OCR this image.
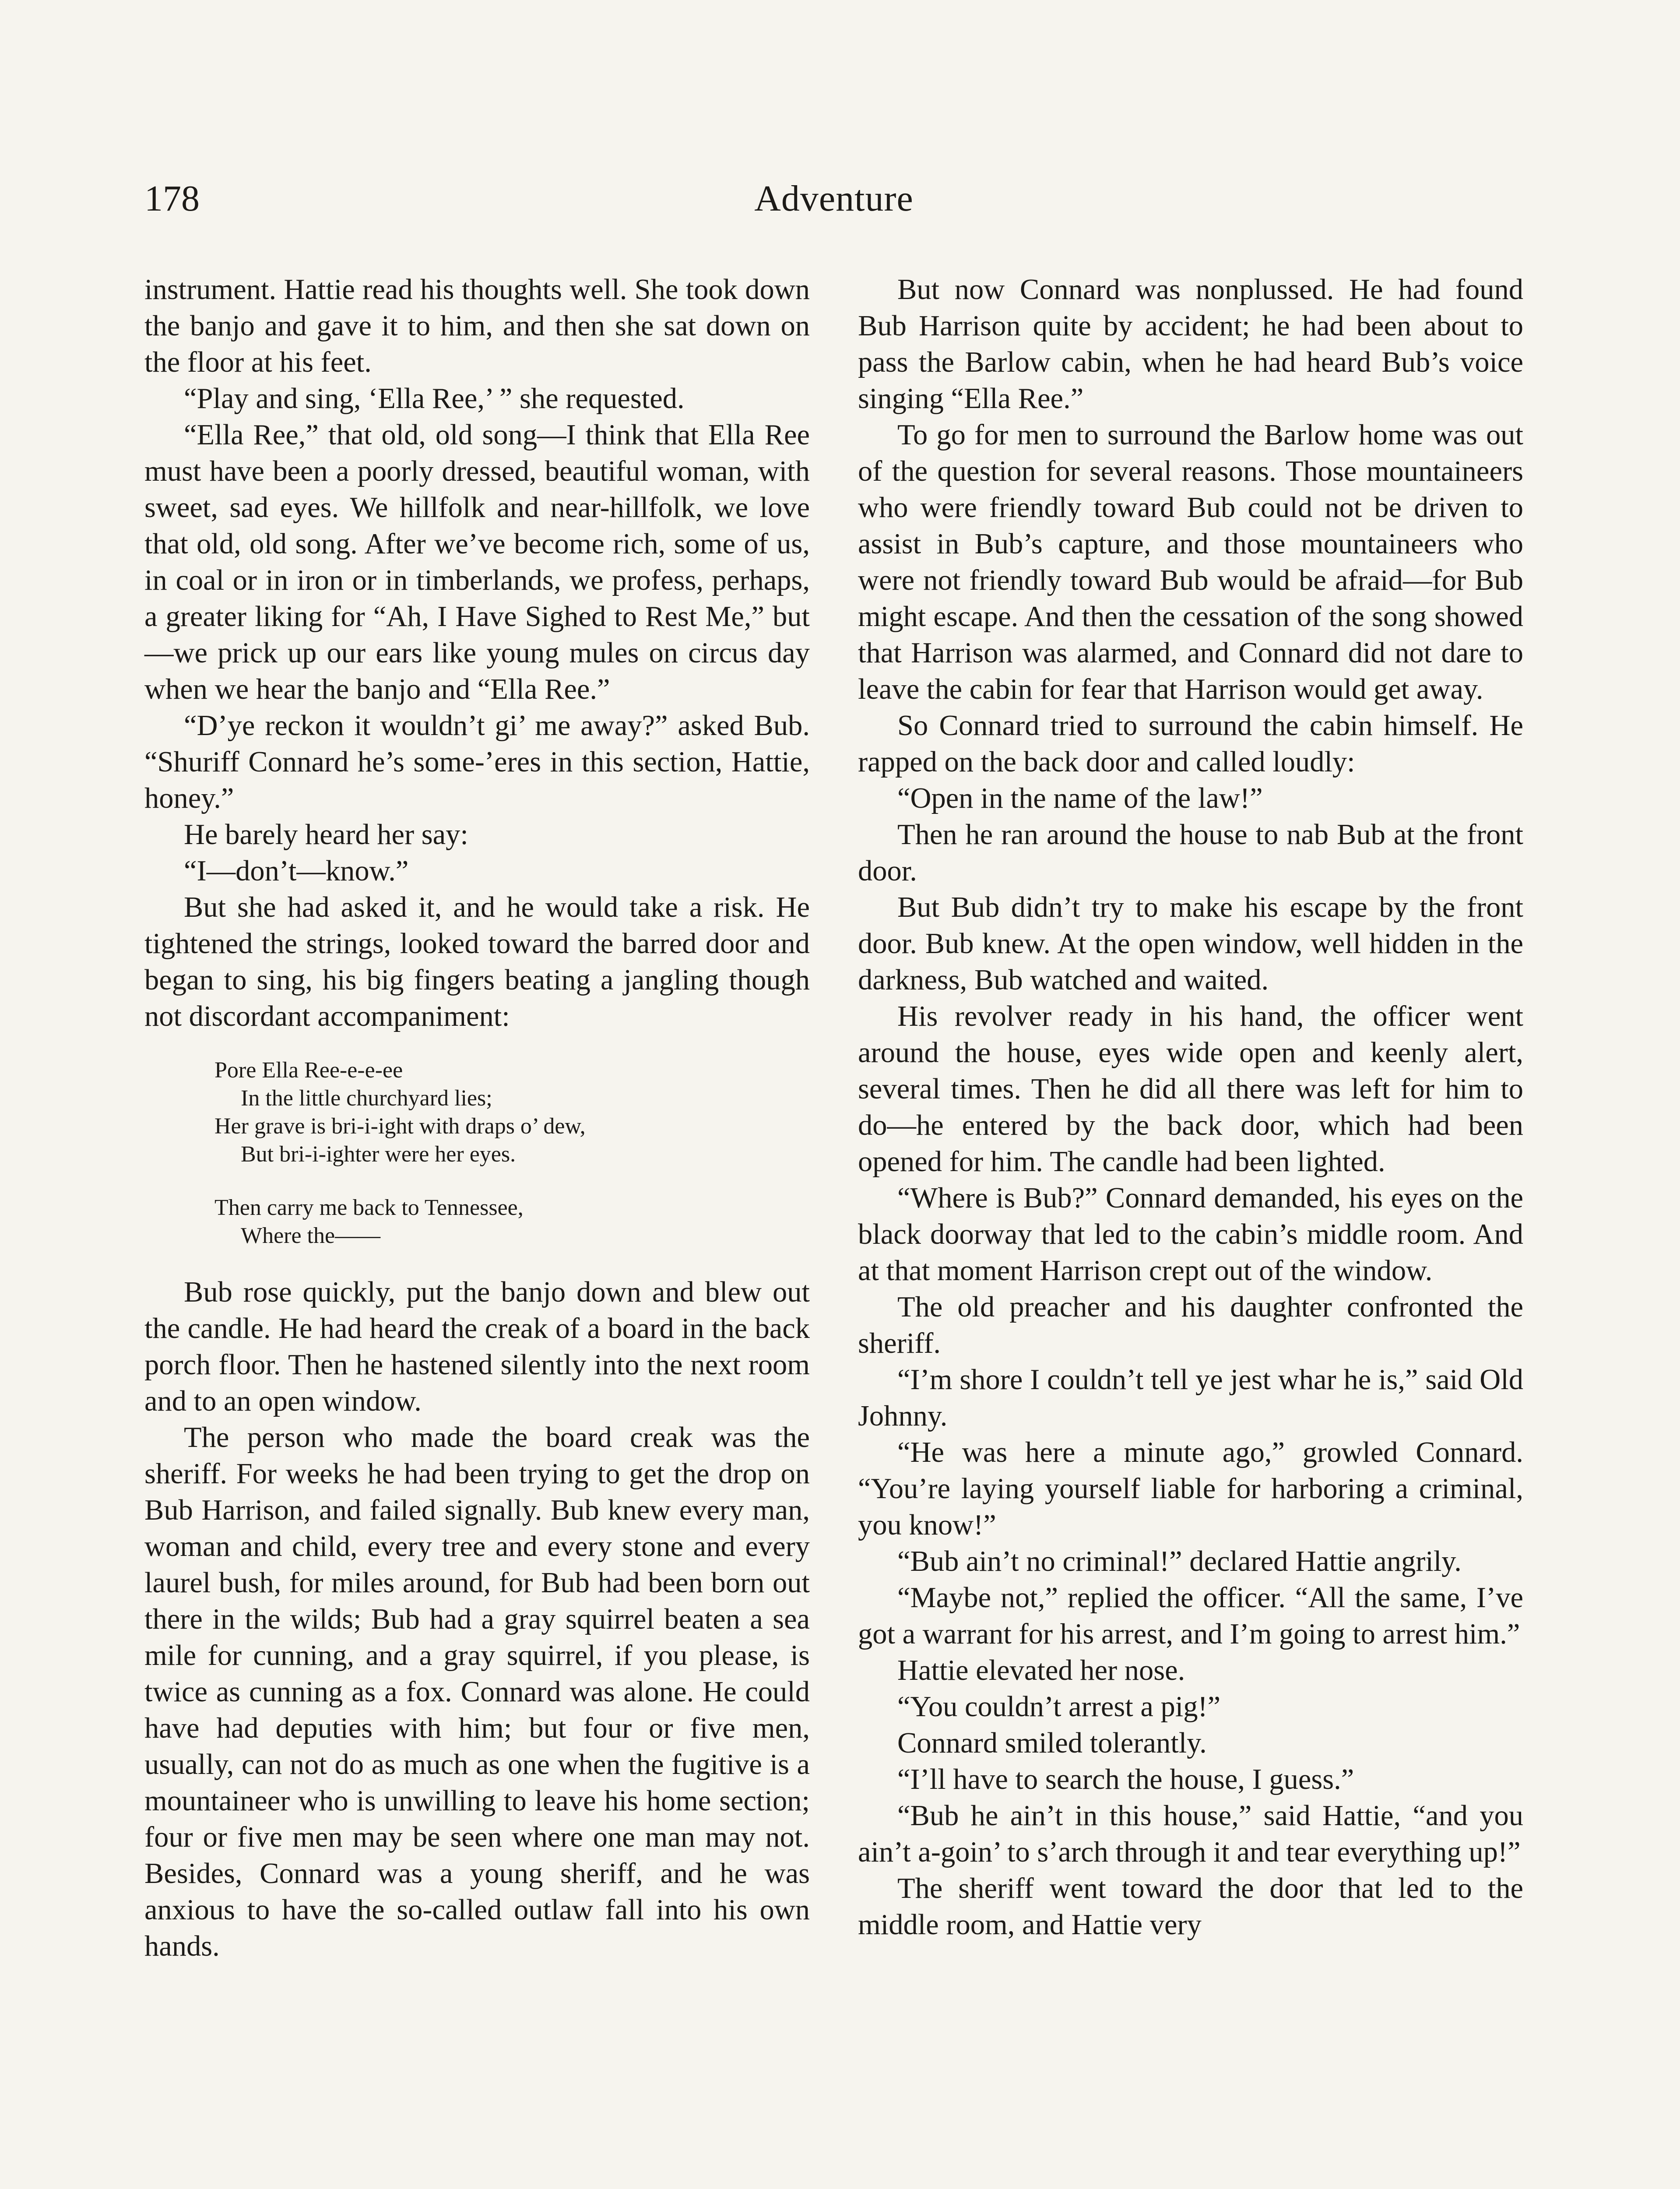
178	Adventure

instrument. Hattie read his thoughts well. She took down the banjo and gave it to him, and then she sat down on the floor at his feet.

“Play and sing, ‘Ella Ree,’ ” she requested.

“Ella Ree,” that old, old song—I think that Ella Ree must have been a poorly dressed, beautiful woman, with sweet, sad eyes. We hillfolk and near-hillfolk, we love that old, old song. After we’ve become rich, some of us, in coal or in iron or in timberlands, we profess, perhaps, a greater liking for “Ah, I Have Sighed to Rest Me,” but—we prick up our ears like young mules on circus day when we hear the banjo and “Ella Ree.”

“D’ye reckon it wouldn’t gi’ me away?” asked Bub. “Shuriff Connard he’s some-’eres in this section, Hattie, honey.”

He barely heard her say:

“I—don’t—know.”

But she had asked it, and he would take a risk. He tightened the strings, looked toward the barred door and began to sing, his big fingers beating a jangling though not discordant accompaniment:

Pore Ella Ree-e-e-ee
In the little churchyard lies;
Her grave is bri-i-ight with draps o’ dew,
But bri-i-ighter were her eyes.
Then carry me back to Tennessee,
Where the——

Bub rose quickly, put the banjo down and blew out the candle. He had heard the creak of a board in the back porch floor. Then he hastened silently into the next room and to an open window.

The person who made the board creak was the sheriff. For weeks he had been trying to get the drop on Bub Harrison, and failed signally. Bub knew every man, woman and child, every tree and every stone and every laurel bush, for miles around, for Bub had been born out there in the wilds; Bub had a gray squirrel beaten a sea mile for cunning, and a gray squirrel, if you please, is twice as cunning as a fox. Connard was alone. He could have had deputies with him; but four or five men, usually, can not do as much as one when the fugitive is a mountaineer who is unwilling to leave his home section; four or five men may be seen where one man may not. Besides, Connard was a young sheriff, and he was anxious to have the so-called outlaw fall into his own hands.

But now Connard was nonplussed. He had found Bub Harrison quite by accident; he had been about to pass the Barlow cabin, when he had heard Bub’s voice singing “Ella Ree.”

To go for men to surround the Barlow home was out of the question for several reasons. Those mountaineers who were friendly toward Bub could not be driven to assist in Bub’s capture, and those mountaineers who were not friendly toward Bub would be afraid—for Bub might escape. And then the cessation of the song showed that Harrison was alarmed, and Connard did not dare to leave the cabin for fear that Harrison would get away.

So Connard tried to surround the cabin himself. He rapped on the back door and called loudly:

“Open in the name of the law!”

Then he ran around the house to nab Bub at the front door.

But Bub didn’t try to make his escape by the front door. Bub knew. At the open window, well hidden in the darkness, Bub watched and waited.

His revolver ready in his hand, the officer went around the house, eyes wide open and keenly alert, several times. Then he did all there was left for him to do—he entered by the back door, which had been opened for him. The candle had been lighted.

“Where is Bub?” Connard demanded, his eyes on the black doorway that led to the cabin’s middle room. And at that moment Harrison crept out of the window.

The old preacher and his daughter confronted the sheriff.

“I’m shore I couldn’t tell ye jest whar he is,” said Old Johnny.

“He was here a minute ago,” growled Connard. “You’re laying yourself liable for harboring a criminal, you know!”

“Bub ain’t no criminal!” declared Hattie angrily.

“Maybe not,” replied the officer. “All the same, I’ve got a warrant for his arrest, and I’m going to arrest him.”

Hattie elevated her nose.

“You couldn’t arrest a pig!”

Connard smiled tolerantly.

“I’ll have to search the house, I guess.”

“Bub he ain’t in this house,” said Hattie, “and you ain’t a-goin’ to s’arch through it and tear everything up!”

The sheriff went toward the door that led to the middle room, and Hattie very
